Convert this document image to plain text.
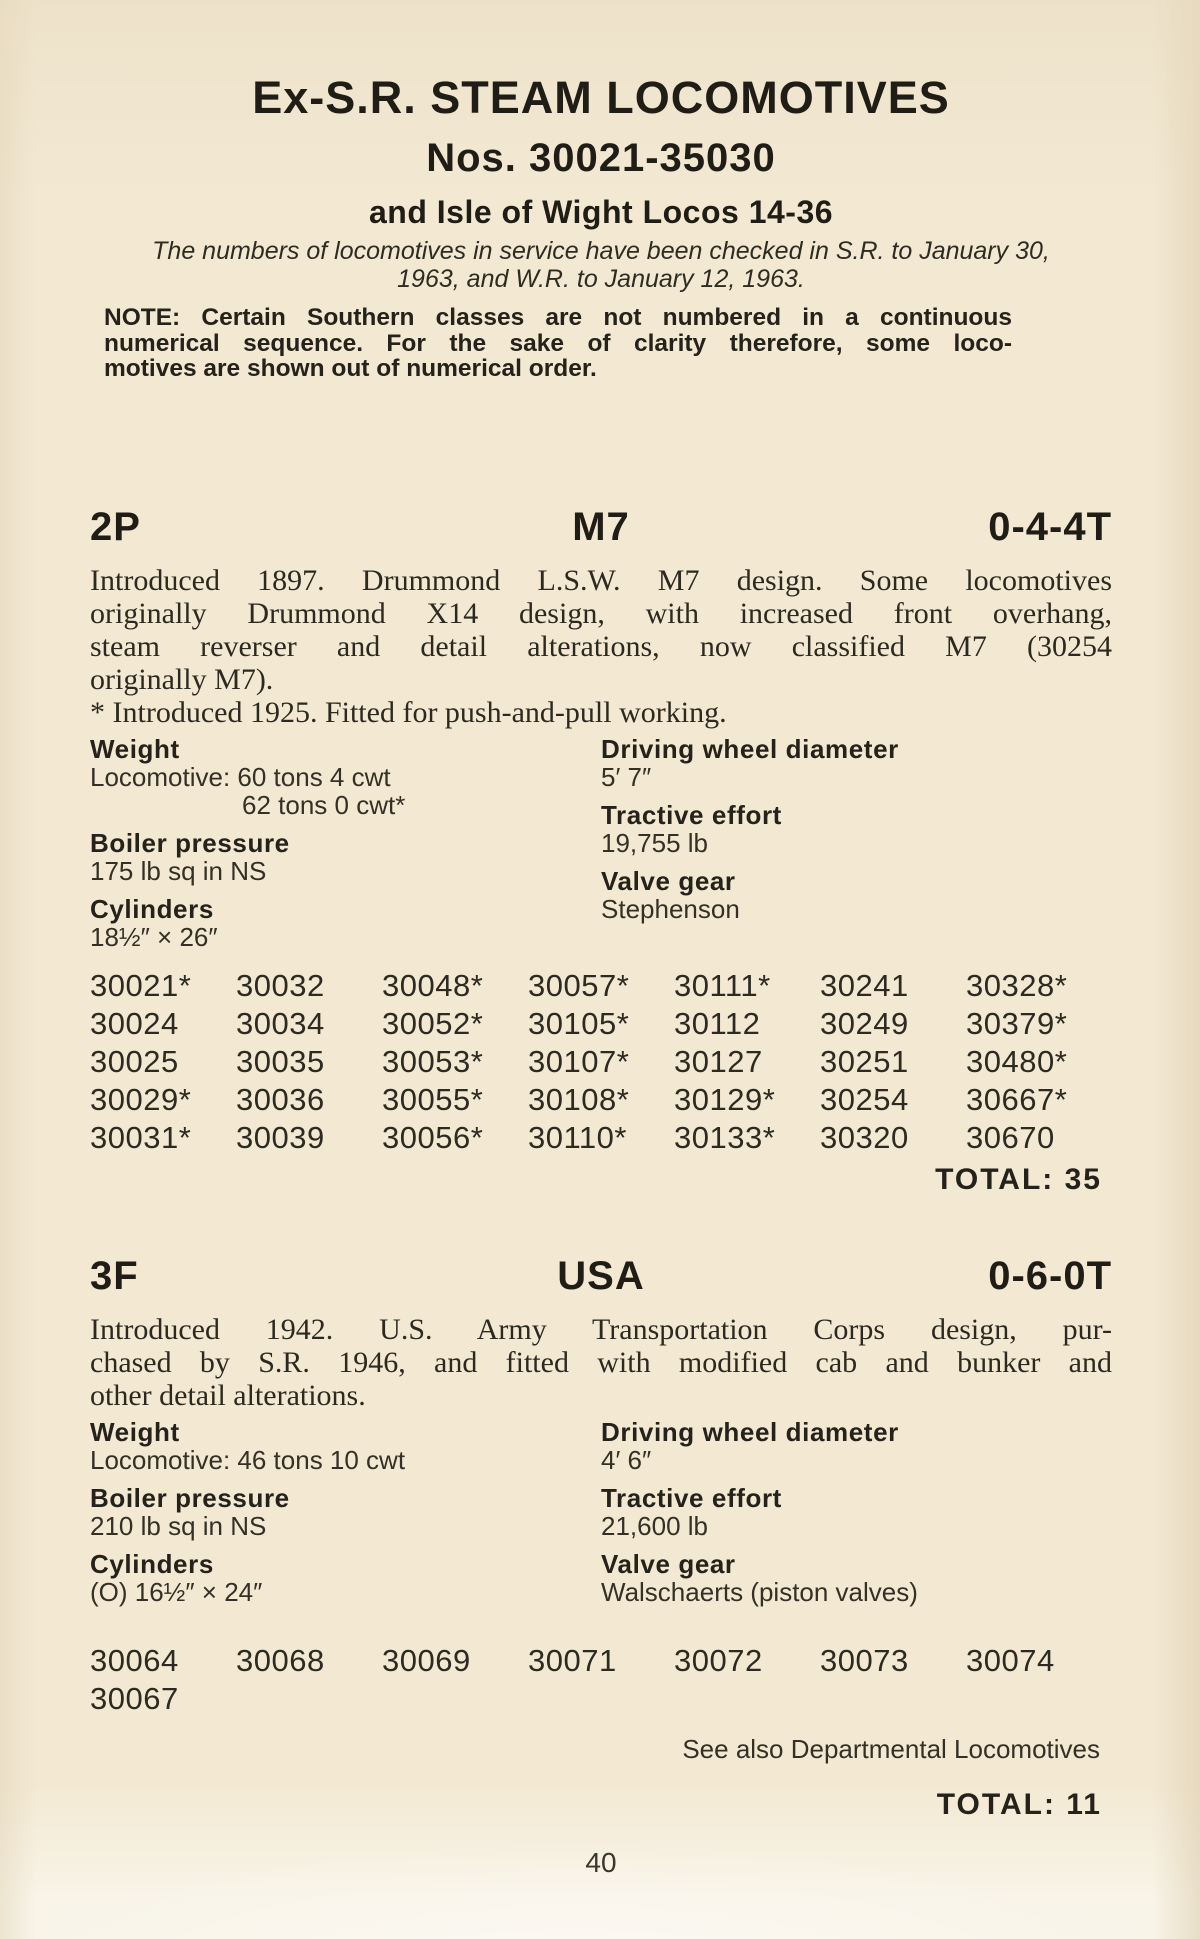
Ex-S.R. STEAM LOCOMOTIVES
Nos. 30021-35030
and Isle of Wight Locos 14-36
The numbers of locomotives in service have been checked in S.R. to January 30,
1963, and W.R. to January 12, 1963.
NOTE: Certain Southern classes are not numbered in a continuous
numerical sequence. For the sake of clarity therefore, some loco-
motives are shown out of numerical order.
2P	M7	0-4-4T
Introduced 1897. Drummond L.S.W. M7 design. Some locomotives
originally Drummond X14 design, with increased front overhang,
steam reverser and detail alterations, now classified M7 (30254
originally M7).
* Introduced 1925. Fitted for push-and-pull working.
Weight
Locomotive: 60 tons 4 cwt
62 tons 0 cwt*
Boiler pressure
175 lb sq in NS
Cylinders
18½″ × 26″
Driving wheel diameter
5′ 7″
Tractive effort
19,755 lb
Valve gear
Stephenson
30021*	30032	30048*	30057*	30111*	30241	30328*
30024	30034	30052*	30105*	30112	30249	30379*
30025	30035	30053*	30107*	30127	30251	30480*
30029*	30036	30055*	30108*	30129*	30254	30667*
30031*	30039	30056*	30110*	30133*	30320	30670
TOTAL: 35
3F	USA	0-6-0T
Introduced 1942. U.S. Army Transportation Corps design, pur-
chased by S.R. 1946, and fitted with modified cab and bunker and
other detail alterations.
Weight
Locomotive: 46 tons 10 cwt
Boiler pressure
210 lb sq in NS
Cylinders
(O) 16½″ × 24″
Driving wheel diameter
4′ 6″
Tractive effort
21,600 lb
Valve gear
Walschaerts (piston valves)
30064	30068	30069	30071	30072	30073	30074
30067
See also Departmental Locomotives
TOTAL: 11
40
